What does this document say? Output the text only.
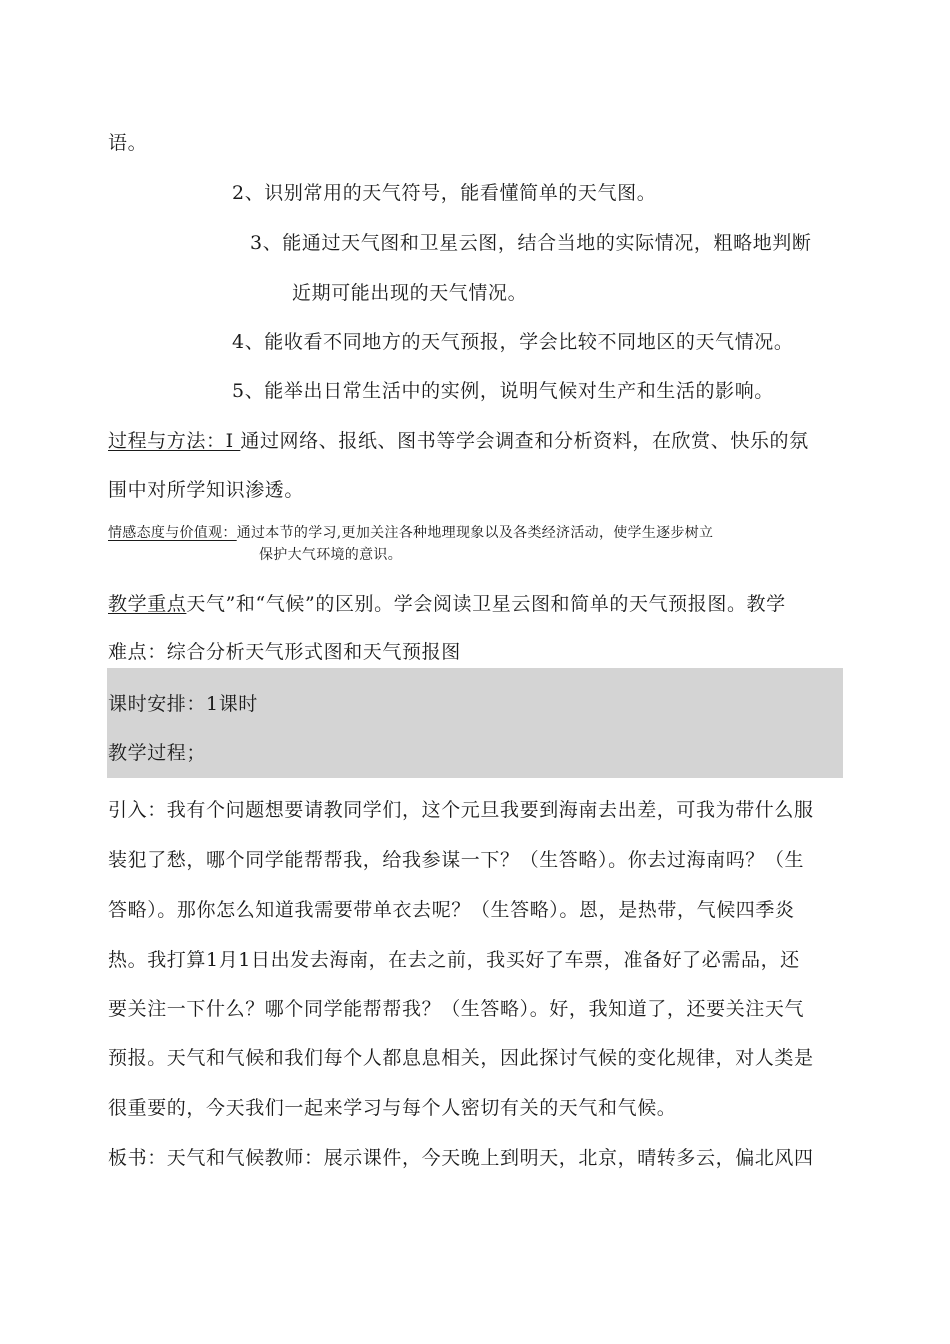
语。
2、识别常用的天气符号，能看懂简单的天气图。
3、能通过天气图和卫星云图，结合当地的实际情况，粗略地判断
近期可能出现的天气情况。
4、能收看不同地方的天气预报，学会比较不同地区的天气情况。
5、能举出日常生活中的实例，说明气候对生产和生活的影响。
过程与方法：I 通过网络、报纸、图书等学会调查和分析资料，在欣赏、快乐的氛
围中对所学知识渗透。
情感态度与价值观：通过本节的学习,更加关注各种地理现象以及各类经济活动，使学生逐步树立
保护大气环境的意识。
教学重点天气”和“气候”的区别。学会阅读卫星云图和简单的天气预报图。教学
难点：综合分析天气形式图和天气预报图
课时安排：1课时
教学过程；
引入：我有个问题想要请教同学们，这个元旦我要到海南去出差，可我为带什么服
装犯了愁，哪个同学能帮帮我，给我参谋一下？（生答略）。你去过海南吗？（生
答略）。那你怎么知道我需要带单衣去呢？（生答略）。恩，是热带，气候四季炎
热。我打算1月1日出发去海南，在去之前，我买好了车票，准备好了必需品，还
要关注一下什么？哪个同学能帮帮我？（生答略）。好，我知道了，还要关注天气
预报。天气和气候和我们每个人都息息相关，因此探讨气候的变化规律，对人类是
很重要的，今天我们一起来学习与每个人密切有关的天气和气候。
板书：天气和气候教师：展示课件，今天晚上到明天，北京，晴转多云，偏北风四
